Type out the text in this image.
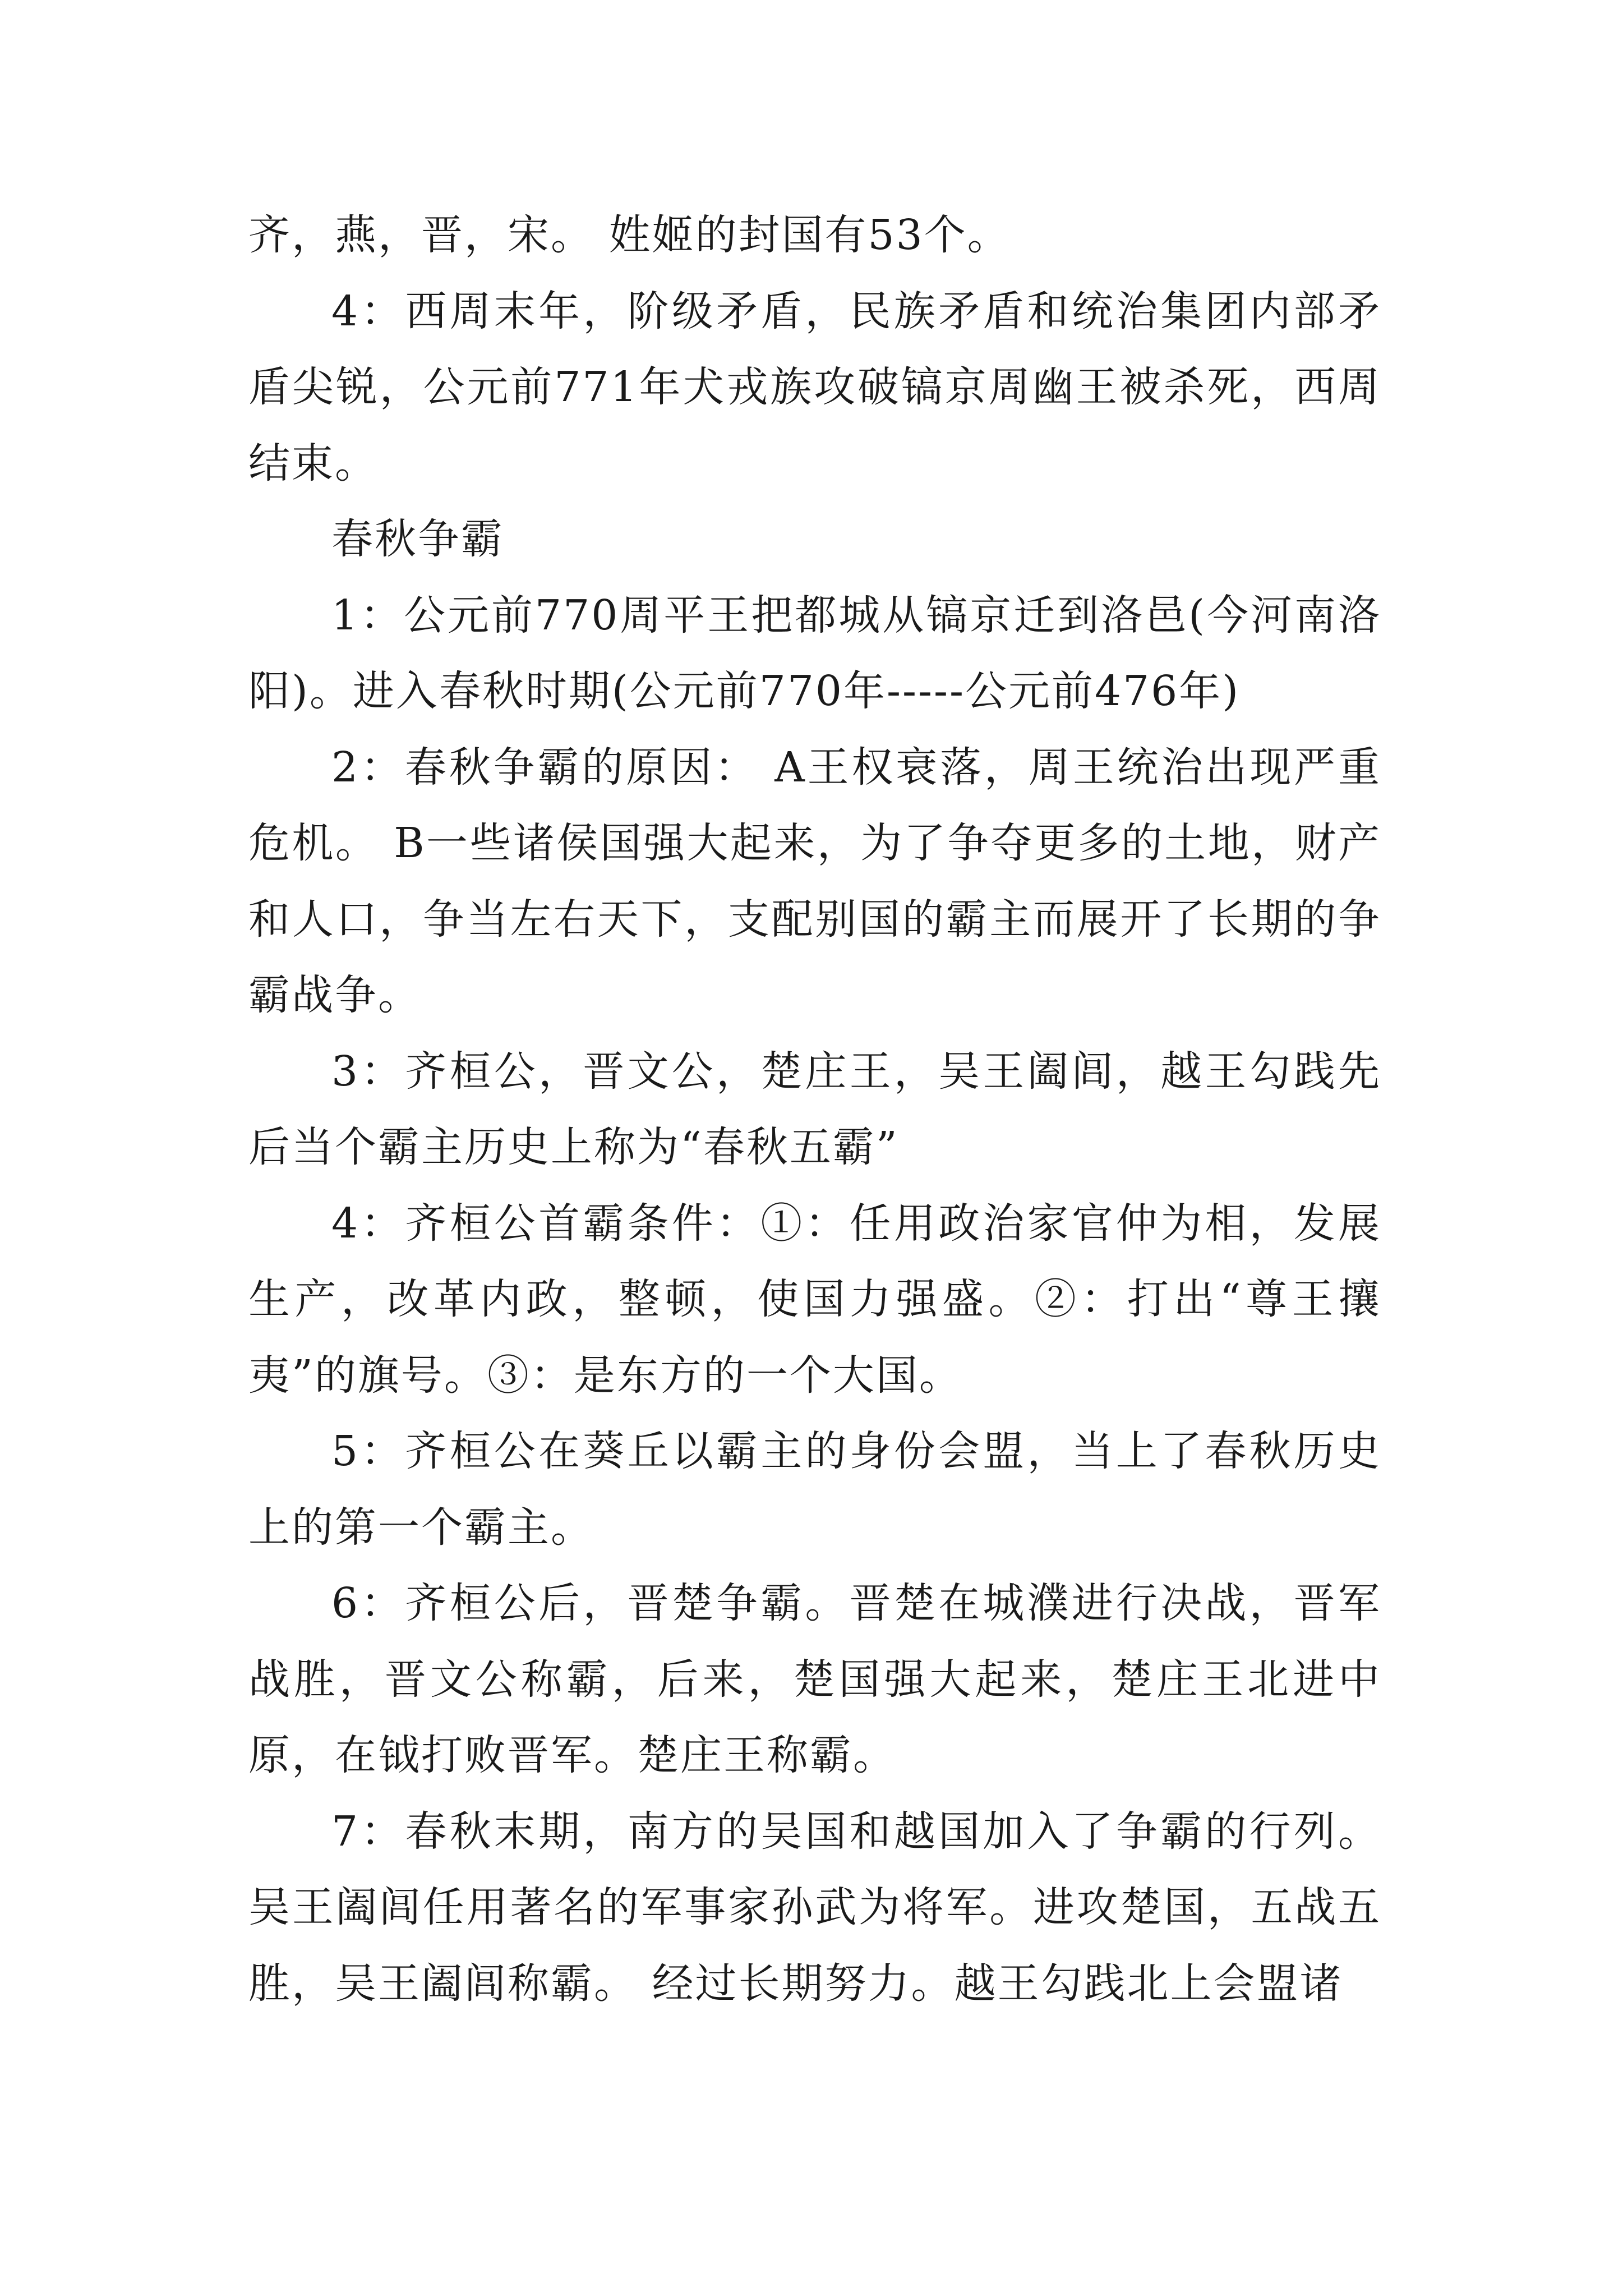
齐，燕，晋，宋。 姓姬的封国有53个。

4：西周末年，阶级矛盾，民族矛盾和统治集团内部矛盾尖锐，公元前771年犬戎族攻破镐京周幽王被杀死，西周结束。

春秋争霸

1：公元前770周平王把都城从镐京迁到洛邑(今河南洛阳)。进入春秋时期(公元前770年-----公元前476年)

2：春秋争霸的原因： A王权衰落，周王统治出现严重危机。 B一些诸侯国强大起来，为了争夺更多的土地，财产和人口，争当左右天下，支配别国的霸主而展开了长期的争霸战争。

3：齐桓公，晋文公，楚庄王，吴王阖闾，越王勾践先后当个霸主历史上称为“春秋五霸”

4：齐桓公首霸条件：①：任用政治家官仲为相，发展生产，改革内政，整顿，使国力强盛。②：打出“尊王攘夷”的旗号。③：是东方的一个大国。

5：齐桓公在葵丘以霸主的身份会盟，当上了春秋历史上的第一个霸主。

6：齐桓公后，晋楚争霸。晋楚在城濮进行决战，晋军战胜，晋文公称霸，后来，楚国强大起来，楚庄王北进中原，在钺打败晋军。楚庄王称霸。

7：春秋末期，南方的吴国和越国加入了争霸的行列。吴王阖闾任用著名的军事家孙武为将军。进攻楚国，五战五胜，吴王阖闾称霸。 经过长期努力。越王勾践北上会盟诸
